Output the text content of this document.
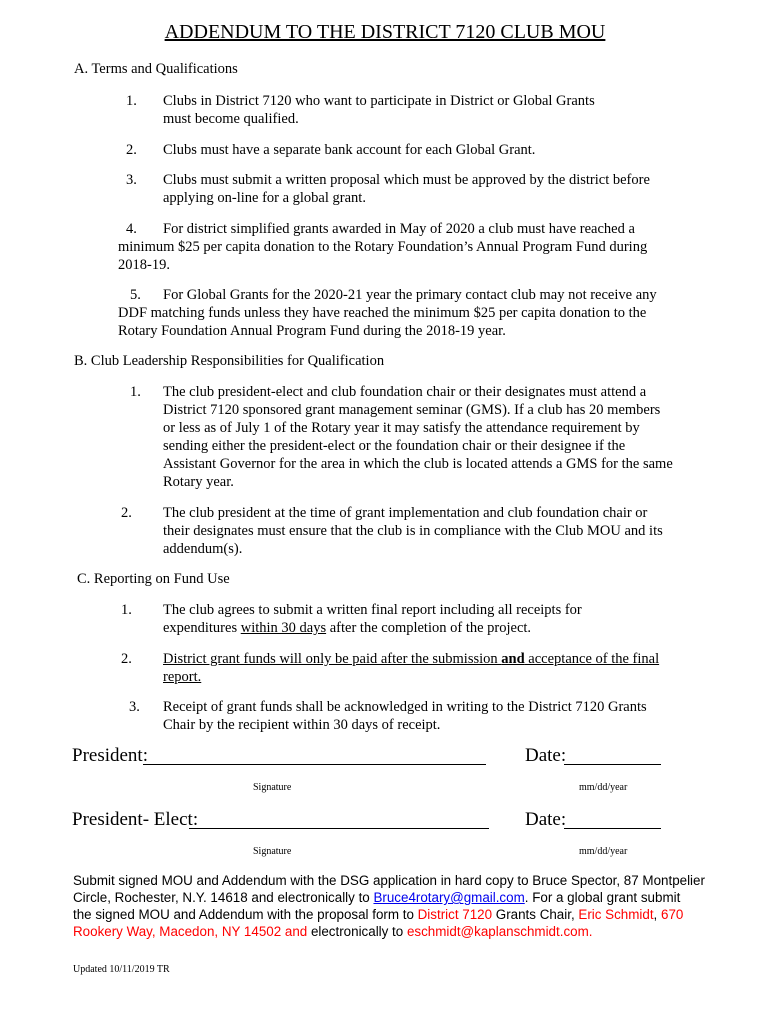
ADDENDUM TO THE DISTRICT 7120 CLUB MOU
A. Terms and Qualifications
1. Clubs in District 7120 who want to participate in District or Global Grants
must become qualified.
2. Clubs must have a separate bank account for each Global Grant.
3. Clubs must submit a written proposal which must be approved by the district before
applying on-line for a global grant.
4. For district simplified grants awarded in May of 2020 a club must have reached a
minimum $25 per capita donation to the Rotary Foundation’s Annual Program Fund during
2018-19.
5. For Global Grants for the 2020-21 year the primary contact club may not receive any
DDF matching funds unless they have reached the minimum $25 per capita donation to the
Rotary Foundation Annual Program Fund during the 2018-19 year.
B. Club Leadership Responsibilities for Qualification
1. The club president-elect and club foundation chair or their designates must attend a
District 7120 sponsored grant management seminar (GMS). If a club has 20 members
or less as of July 1 of the Rotary year it may satisfy the attendance requirement by
sending either the president-elect or the foundation chair or their designee if the
Assistant Governor for the area in which the club is located attends a GMS for the same
Rotary year.
2. The club president at the time of grant implementation and club foundation chair or
their designates must ensure that the club is in compliance with the Club MOU and its
addendum(s).
C. Reporting on Fund Use
1. The club agrees to submit a written final report including all receipts for
expenditures within 30 days after the completion of the project.
2. District grant funds will only be paid after the submission and acceptance of the final
report.
3. Receipt of grant funds shall be acknowledged in writing to the District 7120 Grants
Chair by the recipient within 30 days of receipt.
President:	Date:
Signature	mm/dd/year
President- Elect:	Date:
Signature	mm/dd/year
Submit signed MOU and Addendum with the DSG application in hard copy to Bruce Spector, 87 Montpelier
Circle, Rochester, N.Y. 14618 and electronically to Bruce4rotary@gmail.com. For a global grant submit
the signed MOU and Addendum with the proposal form to District 7120 Grants Chair, Eric Schmidt, 670
Rookery Way, Macedon, NY 14502 and electronically to eschmidt@kaplanschmidt.com.
Updated 10/11/2019 TR
